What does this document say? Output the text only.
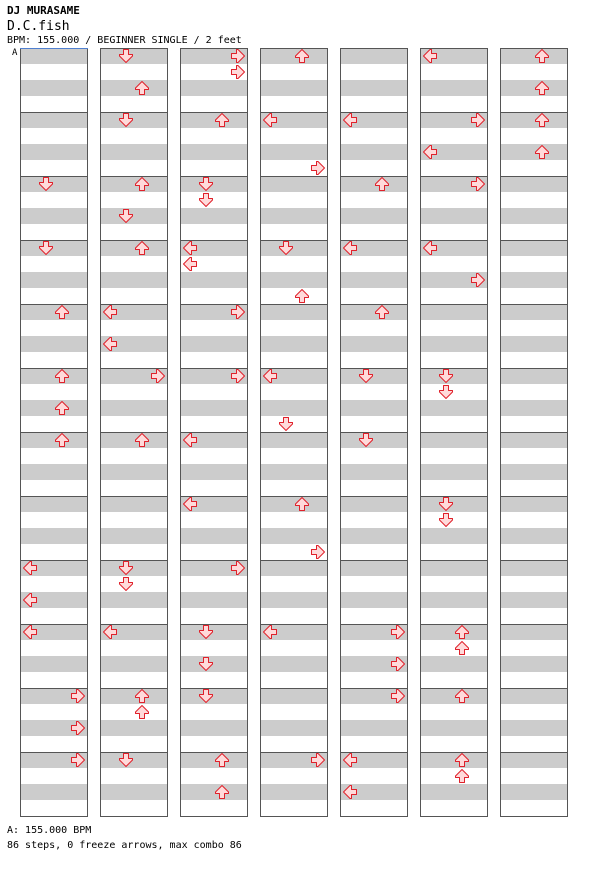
DJ MURASAME
D.C.fish
BPM: 155.000 / BEGINNER SINGLE / 2 feet
A
A: 155.000 BPM
86 steps, 0 freeze arrows, max combo 86
